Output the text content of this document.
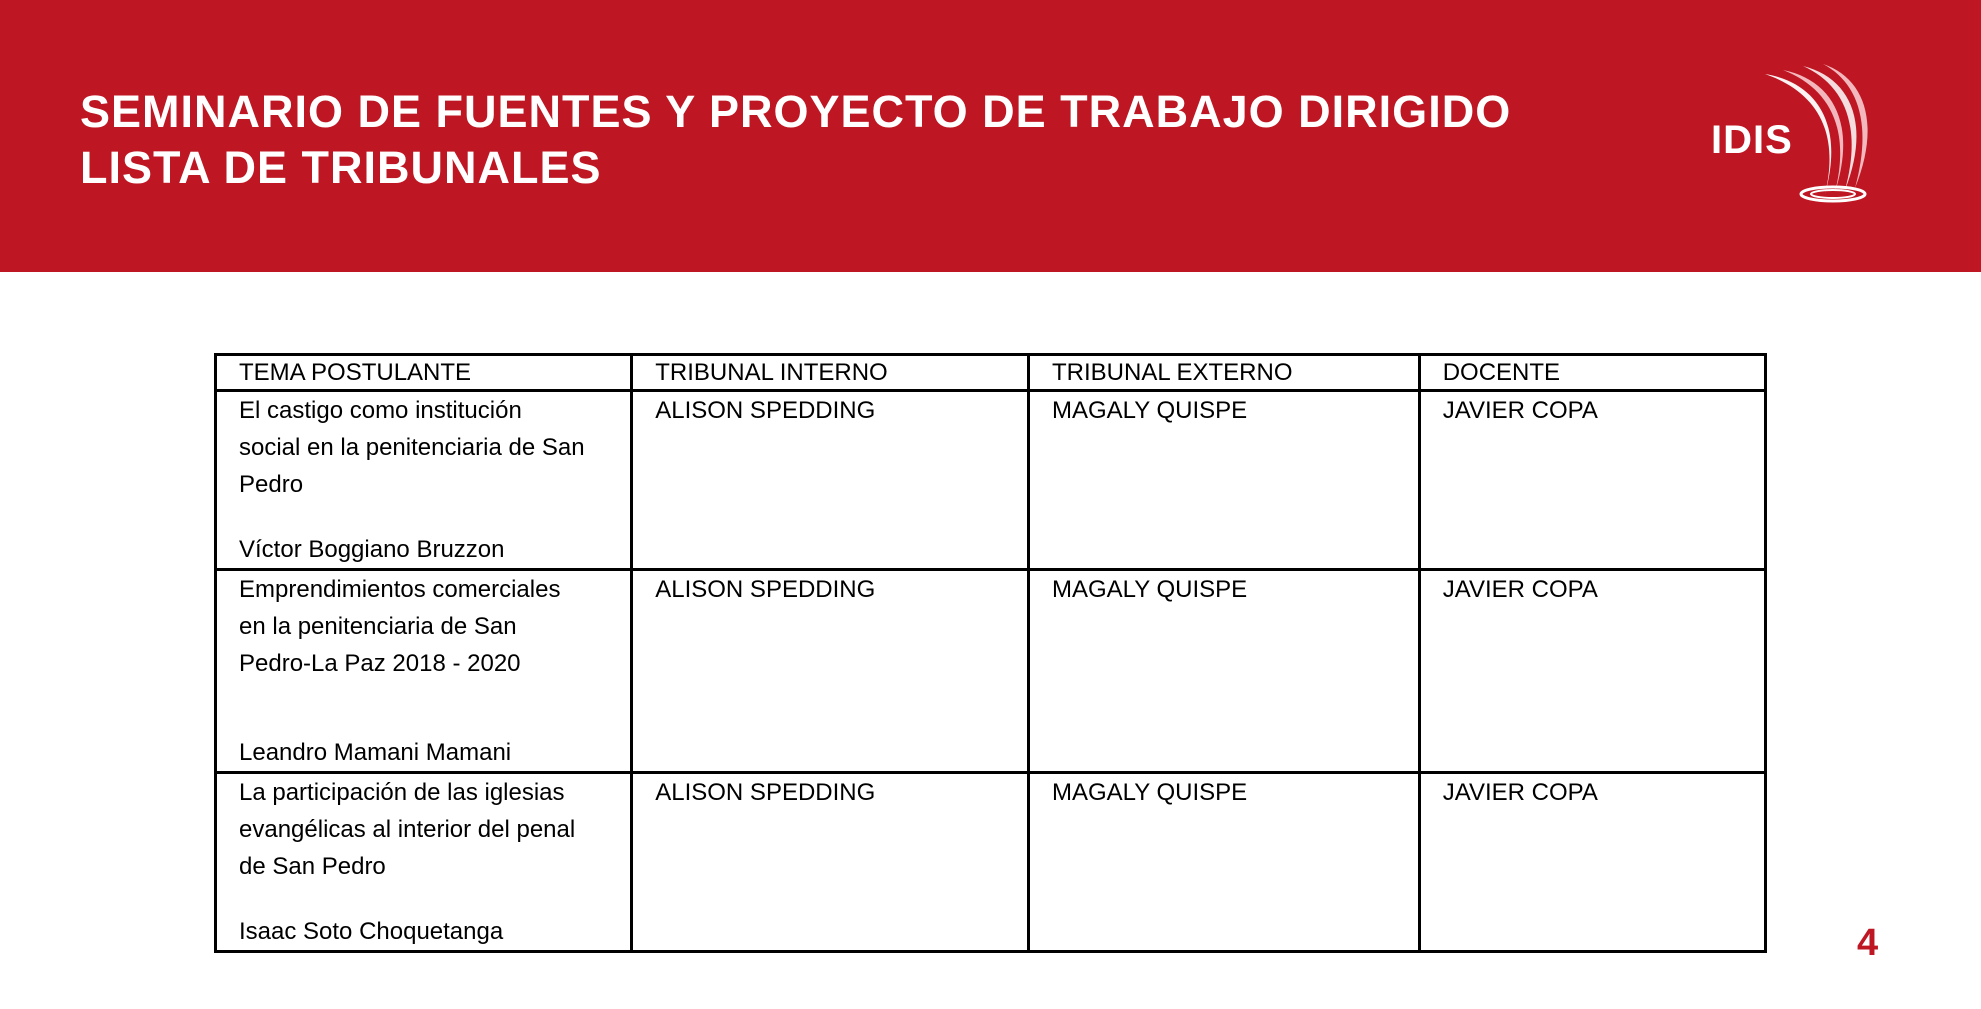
SEMINARIO DE FUENTES Y PROYECTO DE TRABAJO DIRIGIDO
LISTA DE TRIBUNALES
IDIS
TEMA POSTULANTE	TRIBUNAL INTERNO	TRIBUNAL EXTERNO	DOCENTE

El castigo como institución
social en la penitenciaria de San
Pedro
Víctor Boggiano Bruzzon	ALISON SPEDDING	MAGALY QUISPE	JAVIER COPA

Emprendimientos comerciales
en la penitenciaria de San
Pedro-La Paz 2018 - 2020
Leandro Mamani Mamani	ALISON SPEDDING	MAGALY QUISPE	JAVIER COPA

La participación de las iglesias
evangélicas al interior del penal
de San Pedro
Isaac Soto Choquetanga	ALISON SPEDDING	MAGALY QUISPE	JAVIER COPA
4
